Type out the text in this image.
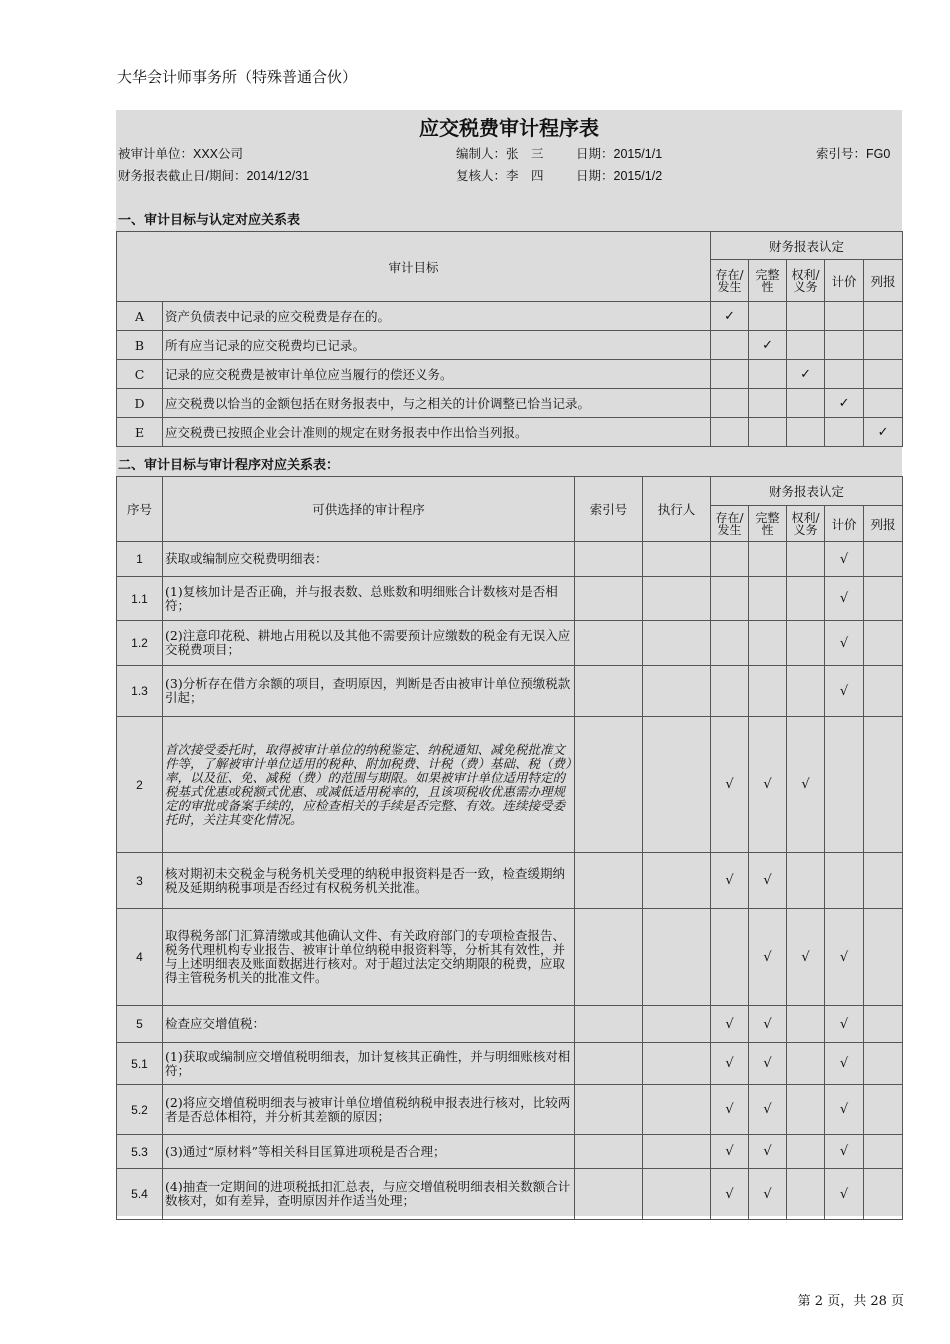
大华会计师事务所（特殊普通合伙）
应交税费审计程序表
被审计单位：XXX公司	编制人：张　三	日期：2015/1/1	索引号：FG0
财务报表截止日/期间：2014/12/31	复核人：李　四	日期：2015/1/2
一、审计目标与认定对应关系表
审计目标		财务报表认定				
		存在/发生	完整性	权利/义务	计价	列报
A	资产负债表中记录的应交税费是存在的。	✓				
B	所有应当记录的应交税费均已记录。		✓			
C	记录的应交税费是被审计单位应当履行的偿还义务。			✓		
D	应交税费以恰当的金额包括在财务报表中，与之相关的计价调整已恰当记录。				✓	
E	应交税费已按照企业会计准则的规定在财务报表中作出恰当列报。					✓
二、审计目标与审计程序对应关系表：
序号	可供选择的审计程序	索引号	执行人	财务报表认定				
				存在/发生	完整性	权利/义务	计价	列报
1	获取或编制应交税费明细表：						√	
1.1	(1)复核加计是否正确，并与报表数、总账数和明细账合计数核对是否相符；						√	
1.2	(2)注意印花税、耕地占用税以及其他不需要预计应缴数的税金有无误入应交税费项目；						√	
1.3	(3)分析存在借方余额的项目，查明原因，判断是否由被审计单位预缴税款引起；						√	
2	首次接受委托时，取得被审计单位的纳税鉴定、纳税通知、减免税批准文件等，了解被审计单位适用的税种、附加税费、计税（费）基础、税（费）率，以及征、免、减税（费）的范围与期限。如果被审计单位适用特定的税基式优惠或税额式优惠、或减低适用税率的，且该项税收优惠需办理规定的审批或备案手续的，应检查相关的手续是否完整、有效。连续接受委托时，关注其变化情况。			√	√	√		
3	核对期初未交税金与税务机关受理的纳税申报资料是否一致，检查缓期纳税及延期纳税事项是否经过有权税务机关批准。			√	√			
4	取得税务部门汇算清缴或其他确认文件、有关政府部门的专项检查报告、税务代理机构专业报告、被审计单位纳税申报资料等，分析其有效性，并与上述明细表及账面数据进行核对。对于超过法定交纳期限的税费，应取得主管税务机关的批准文件。				√	√	√	
5	检查应交增值税：			√	√		√	
5.1	(1)获取或编制应交增值税明细表，加计复核其正确性，并与明细账核对相符；			√	√		√	
5.2	(2)将应交增值税明细表与被审计单位增值税纳税申报表进行核对，比较两者是否总体相符，并分析其差额的原因；			√	√		√	
5.3	(3)通过“原材料”等相关科目匡算进项税是否合理；			√	√		√	
5.4	(4)抽查一定期间的进项税抵扣汇总表，与应交增值税明细表相关数额合计数核对，如有差异，查明原因并作适当处理；			√	√		√	
第 2 页，共 28 页
